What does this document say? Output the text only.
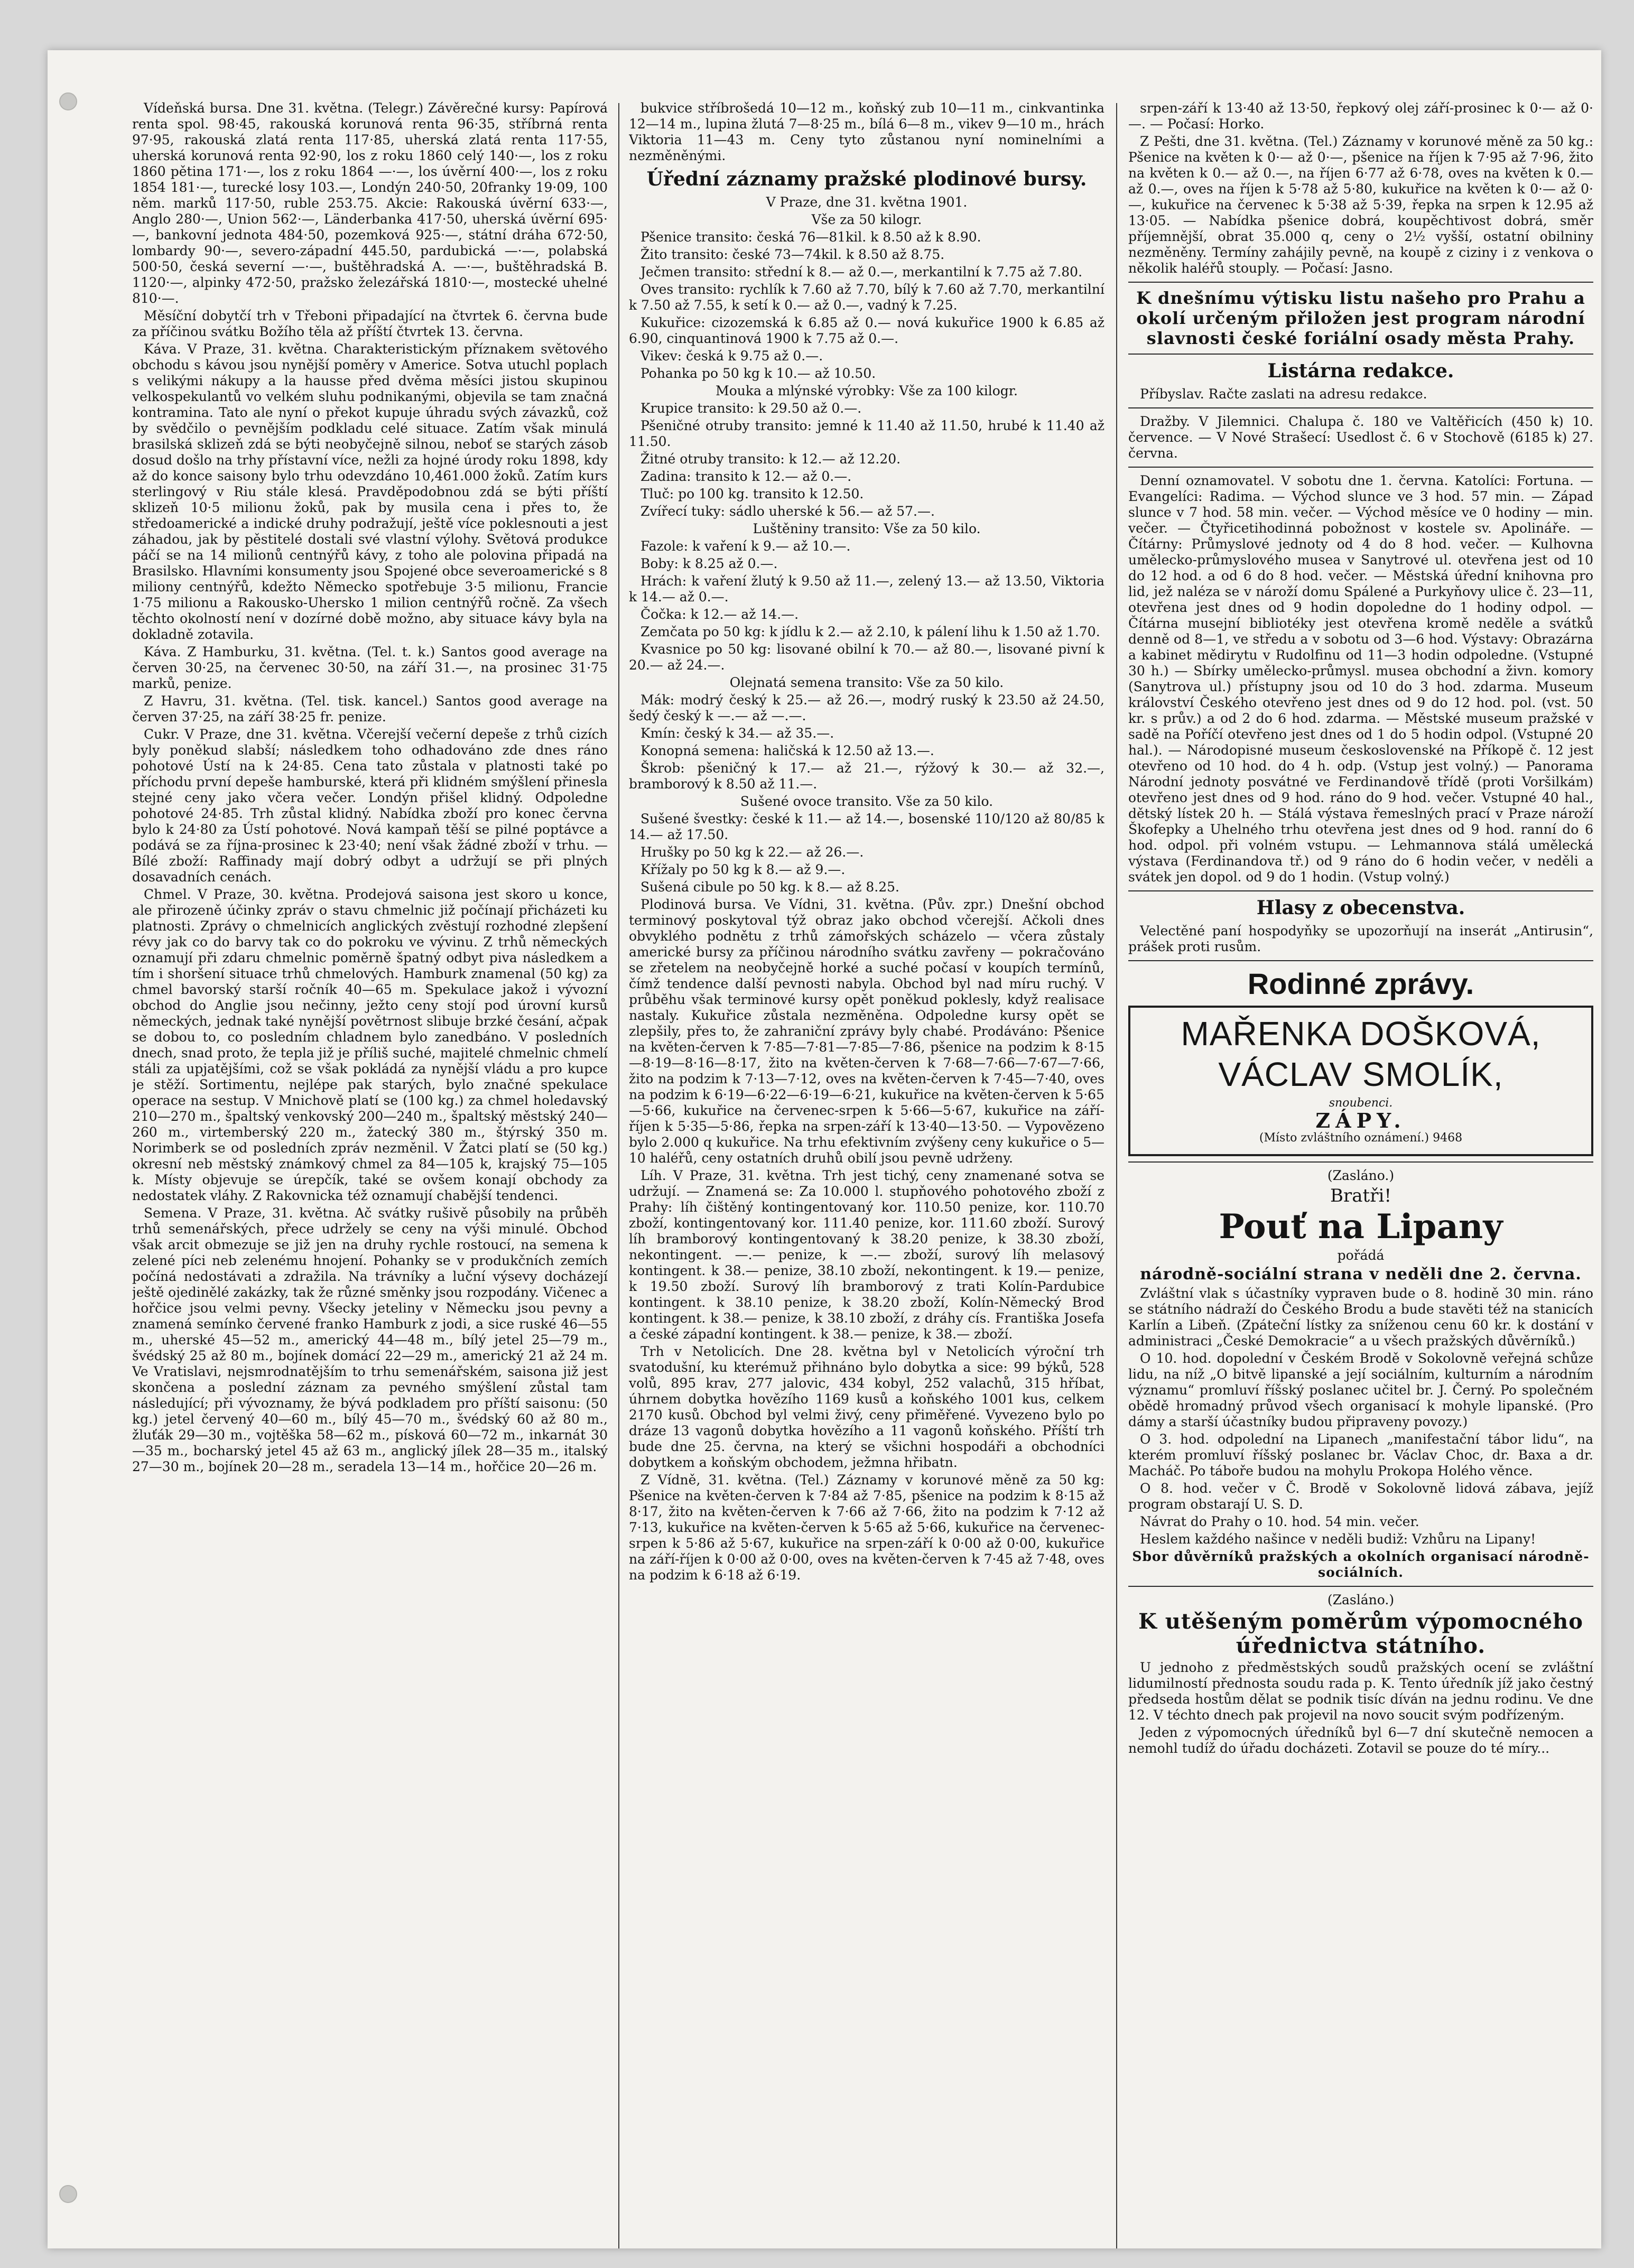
Vídeňská bursa. Dne 31. května. (Telegr.) Závěrečné kursy: Papírová renta spol. 98·45, rakouská korunová renta 96·35, stříbrná renta 97·95, rakouská zlatá renta 117·85, uherská zlatá renta 117·55, uherská korunová renta 92·90, los z roku 1860 celý 140·—, los z roku 1860 pětina 171·—, los z roku 1864 —·—, los úvěrní 400·—, los z roku 1854 181·—, turecké losy 103.—, Londýn 240·50, 20franky 19·09, 100 něm. marků 117·50, ruble 253.75. Akcie: Rakouská úvěrní 633·—, Anglo 280·—, Union 562·—, Länderbanka 417·50, uherská úvěrní 695·—, bankovní jednota 484·50, pozemková 925·—, státní dráha 672·50, lombardy 90·—, severo-západní 445.50, pardubická —·—, polabská 500·50, česká severní —·—, buštěhradská A. —·—, buštěhradská B. 1120·—, alpinky 472·50, pražsko železářská 1810·—, mostecké uhelné 810·—.

Měsíční dobytčí trh v Třeboni připadající na čtvrtek 6. června bude za příčinou svátku Božího těla až příští čtvrtek 13. června.

Káva. V Praze, 31. května. Charakteristickým příznakem světového obchodu s kávou jsou nynější poměry v Americe. Sotva utuchl poplach s velikými nákupy a la hausse před dvěma měsíci jistou skupinou velkospekulantů vo velkém sluhu podnikanými, objevila se tam značná kontramina. Tato ale nyní o překot kupuje úhradu svých závazků, což by svědčilo o pevnějším podkladu celé situace. Zatím však minulá brasilská sklizeň zdá se býti neobyčejně silnou, neboť se starých zásob dosud došlo na trhy přístavní více, nežli za hojné úrody roku 1898, kdy až do konce saisony bylo trhu odevzdáno 10,461.000 žoků. Zatím kurs sterlingový v Riu stále klesá. Pravděpodobnou zdá se býti příští sklizeň 10·5 milionu žoků, pak by musila cena i přes to, že středoamerické a indické druhy podražují, ještě více poklesnouti a jest záhadou, jak by pěstitelé dostali své vlastní výlohy. Světová produkce páčí se na 14 milionů centnýřů kávy, z toho ale polovina připadá na Brasilsko. Hlavními konsumenty jsou Spojené obce severoamerické s 8 miliony centnýřů, kdežto Německo spotřebuje 3·5 milionu, Francie 1·75 milionu a Rakousko-Uhersko 1 milion centnýřů ročně. Za všech těchto okolností není v dozírné době možno, aby situace kávy byla na dokladně zotavila.

Káva. Z Hamburku, 31. května. (Tel. t. k.) Santos good average na červen 30·25, na červenec 30·50, na září 31.—, na prosinec 31·75 marků, penize.

Z Havru, 31. května. (Tel. tisk. kancel.) Santos good average na červen 37·25, na září 38·25 fr. penize.

Cukr. V Praze, dne 31. května. Včerejší večerní depeše z trhů cizích byly poněkud slabší; následkem toho odhadováno zde dnes ráno pohotové Ústí na k 24·85. Cena tato zůstala v platnosti také po příchodu první depeše hamburské, která při klidném smýšlení přinesla stejné ceny jako včera večer. Londýn přišel klidný. Odpoledne pohotové 24·85. Trh zůstal klidný. Nabídka zboží pro konec června bylo k 24·80 za Ústí pohotové. Nová kampaň těší se pilné poptávce a podává se za října-prosinec k 23·40; není však žádné zboží v trhu. — Bílé zboží: Raffinady mají dobrý odbyt a udržují se při plných dosavadních cenách.

Chmel. V Praze, 30. května. Prodejová saisona jest skoro u konce, ale přirozeně účinky zpráv o stavu chmelnic již počínají přicházeti ku platnosti. Zprávy o chmelnicích anglických zvěstují rozhodné zlepšení révy jak co do barvy tak co do pokroku ve vývinu. Z trhů německých oznamují při zdaru chmelnic poměrně špatný odbyt piva následkem a tím i shoršení situace trhů chmelových. Hamburk znamenal (50 kg) za chmel bavorský starší ročník 40—65 m. Spekulace jakož i vývozní obchod do Anglie jsou nečinny, ježto ceny stojí pod úrovní kursů německých, jednak také nynější povětrnost slibuje brzké česání, ačpak se dobou to, co posledním chladnem bylo zanedbáno. V posledních dnech, snad proto, že tepla již je příliš suché, majitelé chmelnic chmelí stáli za upjatějšími, což se však pokládá za nynější vládu a pro kupce je stěží. Sortimentu, nejlépe pak starých, bylo značné spekulace operace na sestup. V Mnichově platí se (100 kg.) za chmel holedavský 210—270 m., špaltský venkovský 200—240 m., špaltský městský 240—260 m., virtemberský 220 m., žatecký 380 m., štýrský 350 m. Norimberk se od posledních zpráv nezměnil. V Žatci platí se (50 kg.) okresní neb městský známkový chmel za 84—105 k, krajský 75—105 k. Místy objevuje se úrepčík, také se ovšem konají obchody za nedostatek vláhy. Z Rakovnicka též oznamují chabější tendenci.

Semena. V Praze, 31. května. Ač svátky rušivě působily na průběh trhů semenářských, přece udržely se ceny na výši minulé. Obchod však arcit obmezuje se již jen na druhy rychle rostoucí, na semena k zelené píci neb zelenému hnojení. Pohanky se v produkčních zemích počíná nedostávati a zdražila. Na trávníky a luční výsevy docházejí ještě ojedinělé zakázky, tak že různé směnky jsou rozpodány. Vičenec a hořčice jsou velmi pevny. Všecky jeteliny v Německu jsou pevny a znamená semínko červené franko Hamburk z jodi, a sice ruské 46—55 m., uherské 45—52 m., americký 44—48 m., bílý jetel 25—79 m., švédský 25 až 80 m., bojínek domácí 22—29 m., americký 21 až 24 m. Ve Vratislavi, nejsmrodnatějším to trhu semenářském, saisona již jest skončena a poslední záznam za pevného smýšlení zůstal tam následující; při vývoznamy, že bývá podkladem pro příští saisonu: (50 kg.) jetel červený 40—60 m., bílý 45—70 m., švédský 60 až 80 m., žluťák 29—30 m., vojtěška 58—62 m., písková 60—72 m., inkarnát 30—35 m., bocharský jetel 45 až 63 m., anglický jílek 28—35 m., italský 27—30 m., bojínek 20—28 m., seradela 13—14 m., hořčice 20—26 m.

bukvice stříbrošedá 10—12 m., koňský zub 10—11 m., cinkvantinka 12—14 m., lupina žlutá 7—8·25 m., bílá 6—8 m., vikev 9—10 m., hrách Viktoria 11—43 m. Ceny tyto zůstanou nyní nominelními a nezměněnými.

Úřední záznamy pražské plodinové bursy.

V Praze, dne 31. května 1901.

Vše za 50 kilogr.

Pšenice transito: česká 76—81kil. k 8.50 až k 8.90.

Žito transito: české 73—74kil. k 8.50 až 8.75.

Ječmen transito: střední k 8.— až 0.—, merkantilní k 7.75 až 7.80.

Oves transito: rychlík k 7.60 až 7.70, bílý k 7.60 až 7.70, merkantilní k 7.50 až 7.55, k setí k 0.— až 0.—, vadný k 7.25.

Kukuřice: cizozemská k 6.85 až 0.— nová kukuřice 1900 k 6.85 až 6.90, cinquantinová 1900 k 7.75 až 0.—.

Vikev: česká k 9.75 až 0.—.

Pohanka po 50 kg k 10.— až 10.50.

Mouka a mlýnské výrobky: Vše za 100 kilogr.

Krupice transito: k 29.50 až 0.—.

Pšeničné otruby transito: jemné k 11.40 až 11.50, hrubé k 11.40 až 11.50.

Žitné otruby transito: k 12.— až 12.20.

Zadina: transito k 12.— až 0.—.

Tluč: po 100 kg. transito k 12.50.

Zvířecí tuky: sádlo uherské k 56.— až 57.—.

Luštěniny transito: Vše za 50 kilo.

Fazole: k vaření k 9.— až 10.—.

Boby: k 8.25 až 0.—.

Hrách: k vaření žlutý k 9.50 až 11.—, zelený 13.— až 13.50, Viktoria k 14.— až 0.—.

Čočka: k 12.— až 14.—.

Zemčata po 50 kg: k jídlu k 2.— až 2.10, k pálení lihu k 1.50 až 1.70.

Kvasnice po 50 kg: lisované obilní k 70.— až 80.—, lisované pivní k 20.— až 24.—.

Olejnatá semena transito: Vše za 50 kilo.

Mák: modrý český k 25.— až 26.—, modrý ruský k 23.50 až 24.50, šedý český k —.— až —.—.

Kmín: český k 34.— až 35.—.

Konopná semena: haličská k 12.50 až 13.—.

Škrob: pšeničný k 17.— až 21.—, rýžový k 30.— až 32.—, bramborový k 8.50 až 11.—.

Sušené ovoce transito. Vše za 50 kilo.

Sušené švestky: české k 11.— až 14.—, bosenské 110/120 až 80/85 k 14.— až 17.50.

Hrušky po 50 kg k 22.— až 26.—.

Křížaly po 50 kg k 8.— až 9.—.

Sušená cibule po 50 kg. k 8.— až 8.25.

Plodinová bursa. Ve Vídni, 31. května. (Pův. zpr.) Dnešní obchod terminový poskytoval týž obraz jako obchod včerejší. Ačkoli dnes obvyklého podnětu z trhů zámořských scházelo — včera zůstaly americké bursy za příčinou národního svátku zavřeny — pokračováno se zřetelem na neobyčejně horké a suché počasí v koupích termínů, čímž tendence další pevnosti nabyla. Obchod byl nad míru ruchý. V průběhu však terminové kursy opět poněkud poklesly, když realisace nastaly. Kukuřice zůstala nezměněna. Odpoledne kursy opět se zlepšily, přes to, že zahraniční zprávy byly chabé. Prodáváno: Pšenice na květen-červen k 7·85—7·81—7·85—7·86, pšenice na podzim k 8·15—8·19—8·16—8·17, žito na květen-červen k 7·68—7·66—7·67—7·66, žito na podzim k 7·13—7·12, oves na květen-červen k 7·45—7·40, oves na podzim k 6·19—6·22—6·19—6·21, kukuřice na květen-červen k 5·65—5·66, kukuřice na červenec-srpen k 5·66—5·67, kukuřice na září-říjen k 5·35—5·86, řepka na srpen-září k 13·40—13·50. — Vypovězeno bylo 2.000 q kukuřice. Na trhu efektivním zvýšeny ceny kukuřice o 5—10 haléřů, ceny ostatních druhů obilí jsou pevně udrženy.

Líh. V Praze, 31. května. Trh jest tichý, ceny znamenané sotva se udržují. — Znamená se: Za 10.000 l. stupňového pohotového zboží z Prahy: líh čištěný kontingentovaný kor. 110.50 penize, kor. 110.70 zboží, kontingentovaný kor. 111.40 penize, kor. 111.60 zboží. Surový líh bramborový kontingentovaný k 38.20 penize, k 38.30 zboží, nekontingent. —.— penize, k —.— zboží, surový líh melasový kontingent. k 38.— penize, 38.10 zboží, nekontingent. k 19.— penize, k 19.50 zboží. Surový líh bramborový z trati Kolín-Pardubice kontingent. k 38.10 penize, k 38.20 zboží, Kolín-Německý Brod kontingent. k 38.— penize, k 38.10 zboží, z dráhy cís. Františka Josefa a české západní kontingent. k 38.— penize, k 38.— zboží.

Trh v Netolicích. Dne 28. května byl v Netolicích výroční trh svatodušní, ku kterémuž přihnáno bylo dobytka a sice: 99 býků, 528 volů, 895 krav, 277 jalovic, 434 kobyl, 252 valachů, 315 hříbat, úhrnem dobytka hovězího 1169 kusů a koňského 1001 kus, celkem 2170 kusů. Obchod byl velmi živý, ceny přiměřené. Vyvezeno bylo po dráze 13 vagonů dobytka hovězího a 11 vagonů koňského. Příští trh bude dne 25. června, na který se všichni hospodáři a obchodníci dobytkem a koňským obchodem, ježmna hřibatn.

Z Vídně, 31. května. (Tel.) Záznamy v korunové měně za 50 kg: Pšenice na květen-červen k 7·84 až 7·85, pšenice na podzim k 8·15 až 8·17, žito na květen-červen k 7·66 až 7·66, žito na podzim k 7·12 až 7·13, kukuřice na květen-červen k 5·65 až 5·66, kukuřice na červenec-srpen k 5·86 až 5·67, kukuřice na srpen-září k 0·00 až 0·00, kukuřice na září-říjen k 0·00 až 0·00, oves na květen-červen k 7·45 až 7·48, oves na podzim k 6·18 až 6·19.

srpen-září k 13·40 až 13·50, řepkový olej září-prosinec k 0·— až 0·—. — Počasí: Horko.

Z Pešti, dne 31. května. (Tel.) Záznamy v korunové měně za 50 kg.: Pšenice na květen k 0·— až 0·—, pšenice na říjen k 7·95 až 7·96, žito na květen k 0.— až 0.—, na říjen 6·77 až 6·78, oves na květen k 0.— až 0.—, oves na říjen k 5·78 až 5·80, kukuřice na květen k 0·— až 0·—, kukuřice na červenec k 5·38 až 5·39, řepka na srpen k 12.95 až 13·05. — Nabídka pšenice dobrá, koupěchtivost dobrá, směr příjemnější, obrat 35.000 q, ceny o 2½ vyšší, ostatní obilniny nezměněny. Termíny zahájily pevně, na koupě z ciziny i z venkova o několik haléřů stouply. — Počasí: Jasno.

K dnešnímu výtisku listu našeho pro Prahu a okolí určeným přiložen jest program národní slavnosti české foriální osady města Prahy.

Listárna redakce.

Příbyslav. Račte zaslati na adresu redakce.

Dražby. V Jilemnici. Chalupa č. 180 ve Valtěřicích (450 k) 10. července. — V Nové Strašecí: Usedlost č. 6 v Stochově (6185 k) 27. června.

Denní oznamovatel. V sobotu dne 1. června. Katolíci: Fortuna. — Evangelíci: Radima. — Východ slunce ve 3 hod. 57 min. — Západ slunce v 7 hod. 58 min. večer. — Východ měsíce ve 0 hodiny — min. večer. — Čtyřicetihodinná pobožnost v kostele sv. Apolináře. — Čítárny: Průmyslové jednoty od 4 do 8 hod. večer. — Kulhovna umělecko-průmyslového musea v Sanytrové ul. otevřena jest od 10 do 12 hod. a od 6 do 8 hod. večer. — Městská úřední knihovna pro lid, jež naléza se v nároží domu Spálené a Purkyňovy ulice č. 23—11, otevřena jest dnes od 9 hodin dopoledne do 1 hodiny odpol. — Čítárna musejní bibliotéky jest otevřena kromě neděle a svátků denně od 8—1, ve středu a v sobotu od 3—6 hod. Výstavy: Obrazárna a kabinet mědirytu v Rudolfinu od 11—3 hodin odpoledne. (Vstupné 30 h.) — Sbírky umělecko-průmysl. musea obchodní a živn. komory (Sanytrova ul.) přístupny jsou od 10 do 3 hod. zdarma. Museum království Českého otevřeno jest dnes od 9 do 12 hod. pol. (vst. 50 kr. s prův.) a od 2 do 6 hod. zdarma. — Městské museum pražské v sadě na Poříčí otevřeno jest dnes od 1 do 5 hodin odpol. (Vstupné 20 hal.). — Národopisné museum československé na Příkopě č. 12 jest otevřeno od 10 hod. do 4 h. odp. (Vstup jest volný.) — Panorama Národní jednoty posvátné ve Ferdinandově třídě (proti Voršilkám) otevřeno jest dnes od 9 hod. ráno do 9 hod. večer. Vstupné 40 hal., dětský lístek 20 h. — Stálá výstava řemeslných prací v Praze nároží Škofepky a Uhelného trhu otevřena jest dnes od 9 hod. ranní do 6 hod. odpol. při volném vstupu. — Lehmannova stálá umělecká výstava (Ferdinandova tř.) od 9 ráno do 6 hodin večer, v neděli a svátek jen dopol. od 9 do 1 hodin. (Vstup volný.)

Hlasy z obecenstva.

Velectěné paní hospodyňky se upozorňují na inserát „Antirusin“, prášek proti rusům.

Rodinné zprávy.

MAŘENKA DOŠKOVÁ,

VÁCLAV SMOLÍK,

snoubenci.

ZÁPY.

(Místo zvláštního oznámení.) 9468

(Zasláno.)

Bratři!

Pouť na Lipany

pořádá

národně-sociální strana v neděli dne 2. června.

Zvláštní vlak s účastníky vypraven bude o 8. hodině 30 min. ráno se státního nádraží do Českého Brodu a bude stavěti též na stanicích Karlín a Libeň. (Zpáteční lístky za sníženou cenu 60 kr. k dostání v administraci „České Demokracie“ a u všech pražských důvěrníků.)

O 10. hod. dopolední v Českém Brodě v Sokolovně veřejná schůze lidu, na níž „O bitvě lipanské a její sociálním, kulturním a národním významu“ promluví říšský poslanec učitel br. J. Černý. Po společném obědě hromadný průvod všech organisací k mohyle lipanské. (Pro dámy a starší účastníky budou připraveny povozy.)

O 3. hod. odpolední na Lipanech „manifestační tábor lidu“, na kterém promluví říšský poslanec br. Václav Choc, dr. Baxa a dr. Macháč. Po táboře budou na mohylu Prokopa Holého věnce.

O 8. hod. večer v Č. Brodě v Sokolovně lidová zábava, jejíž program obstarají U. S. D.

Návrat do Prahy o 10. hod. 54 min. večer.

Heslem každého našince v neděli budiž: Vzhůru na Lipany!

Sbor důvěrníků pražských a okolních organisací národně-sociálních.

(Zasláno.)

K utěšeným poměrům výpomocného úřednictva státního.

U jednoho z předměstských soudů pražských ocení se zvláštní lidumilností přednosta soudu rada p. K. Tento úředník jíž jako čestný předseda hostům dělat se podnik tisíc díván na jednu rodinu. Ve dne 12. V téchto dnech pak projevil na novo soucit svým podřízeným.

Jeden z výpomocných úředníků byl 6—7 dní skutečně nemocen a nemohl tudíž do úřadu docházeti. Zotavil se pouze do té míry...
